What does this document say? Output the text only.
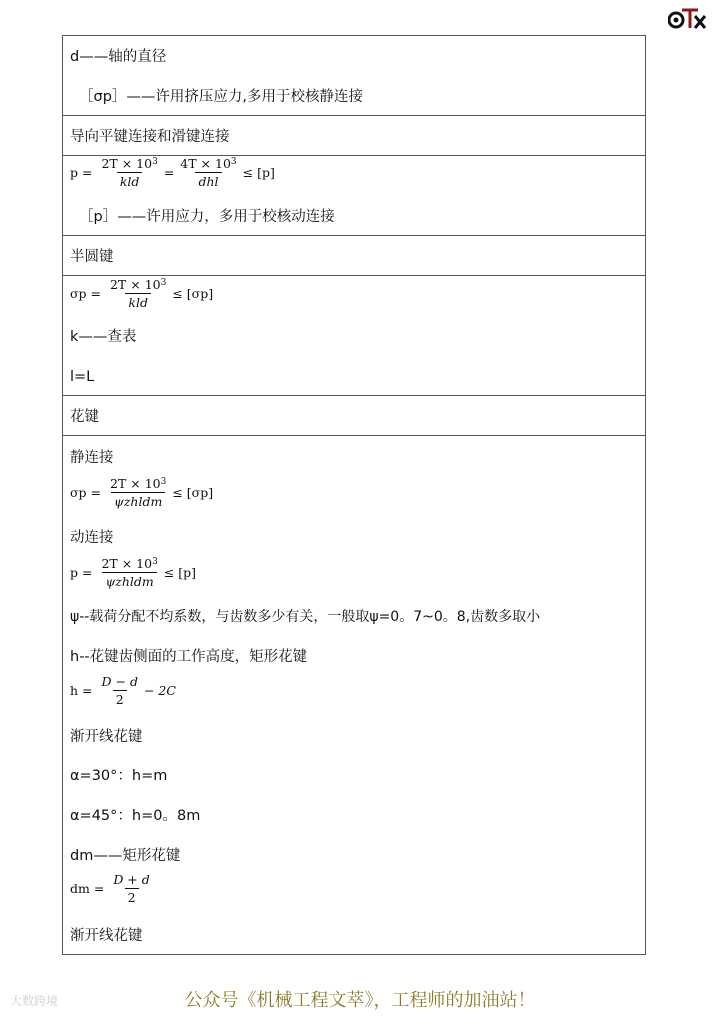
d——轴的直径
［σp］——许用挤压应力,多用于校核静连接
导向平键连接和滑键连接
$p = \frac{2T \times 10^3}{\text{kld}} = \frac{4T \times 10^3}{\text{dhl}} \le [p]$
［p］——许用应力，多用于校核动连接
半圆键
$\sigma p = \frac{2T \times 10^3}{\text{kld}} \le [\sigma p]$
k——查表
l=L
花键
静连接
$\sigma p = \frac{2T \times 10^3}{\text{ψzhldm}} \le [\sigma p]$
动连接
$p = \frac{2T \times 10^3}{\text{ψzhldm}} \le [p]$
ψ--载荷分配不均系数，与齿数多少有关，一般取ψ=0。7~0。8,齿数多取小
h--花键齿侧面的工作高度，矩形花键
$h = \frac{D - d}{2} - 2C$
渐开线花键
α=30°：h=m
α=45°：h=0。8m
dm——矩形花键
dm = $\frac{D + d}{2}$
渐开线花键
大数跨境	公众号《机械工程文萃》，工程师的加油站！
